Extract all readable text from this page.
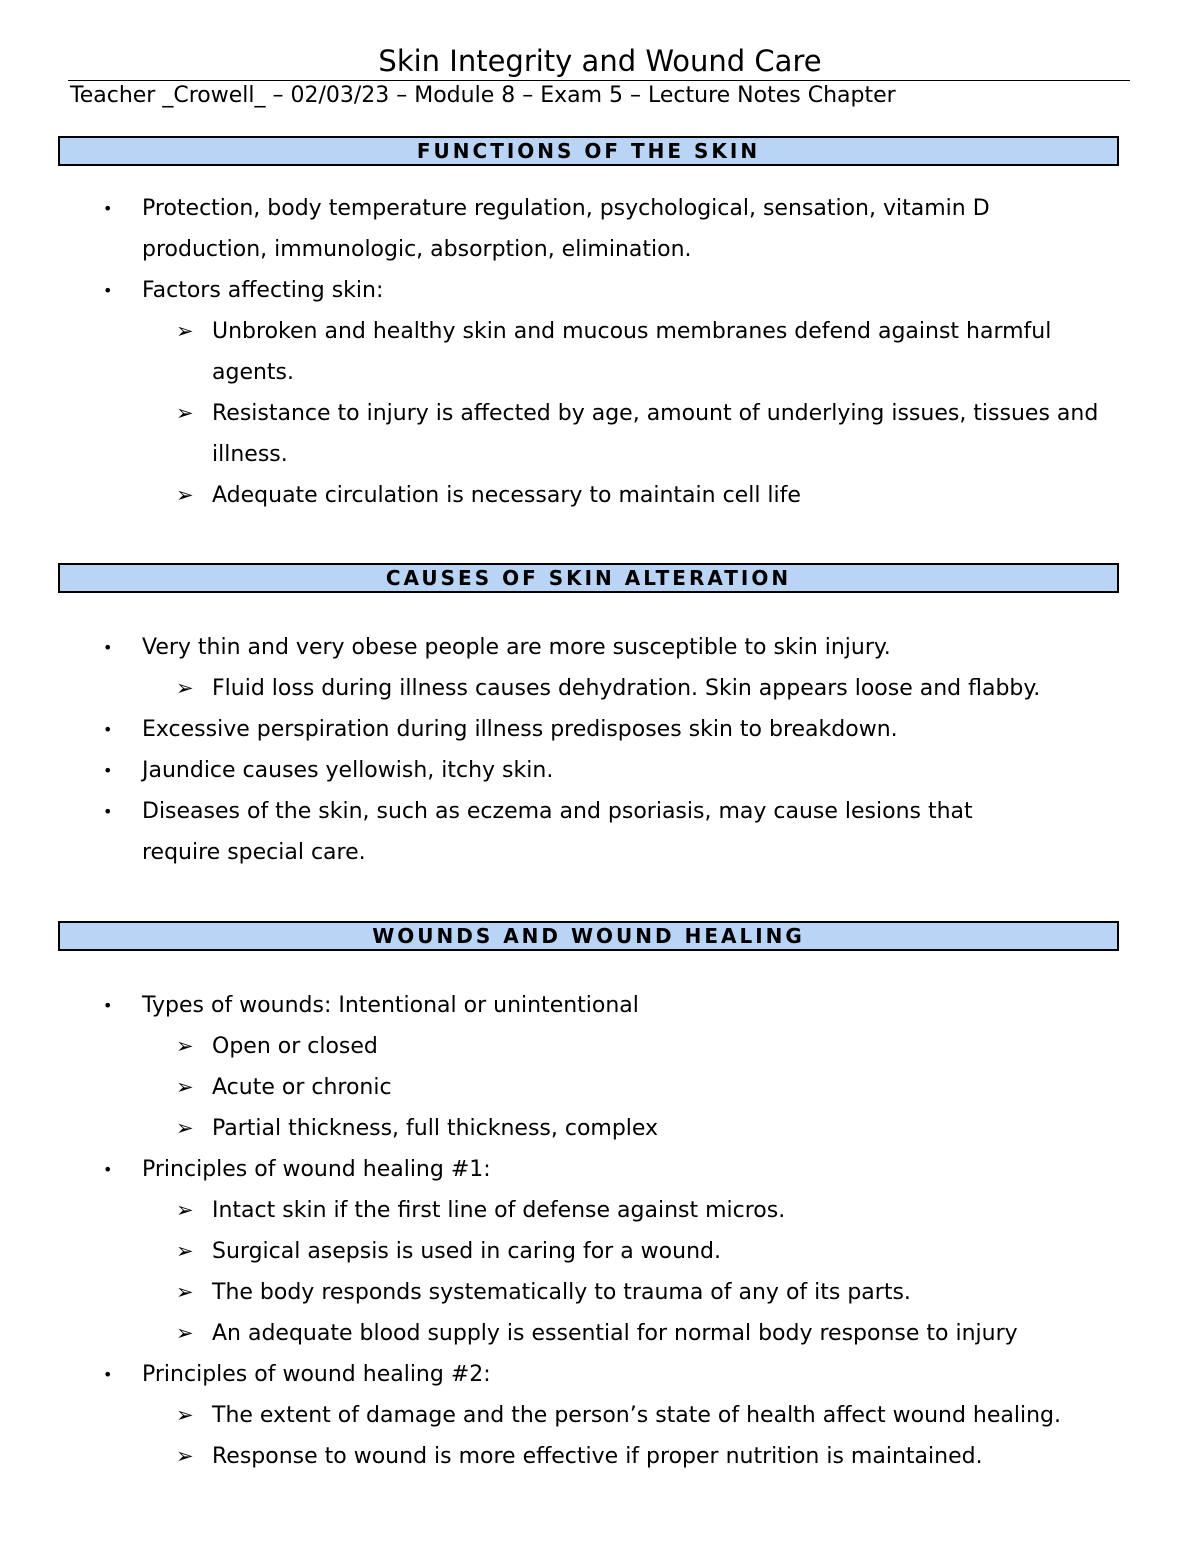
Skin Integrity and Wound Care
Teacher _Crowell_ – 02/03/23 – Module 8 – Exam 5 – Lecture Notes Chapter
FUNCTIONS OF THE SKIN
• Protection, body temperature regulation, psychological, sensation, vitamin D production, immunologic, absorption, elimination.
• Factors affecting skin:
➢ Unbroken and healthy skin and mucous membranes defend against harmful agents.
➢ Resistance to injury is affected by age, amount of underlying issues, tissues and illness.
➢ Adequate circulation is necessary to maintain cell life
CAUSES OF SKIN ALTERATION
• Very thin and very obese people are more susceptible to skin injury.
➢ Fluid loss during illness causes dehydration. Skin appears loose and flabby.
• Excessive perspiration during illness predisposes skin to breakdown.
• Jaundice causes yellowish, itchy skin.
• Diseases of the skin, such as eczema and psoriasis, may cause lesions that require special care.
WOUNDS AND WOUND HEALING
• Types of wounds: Intentional or unintentional
➢ Open or closed
➢ Acute or chronic
➢ Partial thickness, full thickness, complex
• Principles of wound healing #1:
➢ Intact skin if the first line of defense against micros.
➢ Surgical asepsis is used in caring for a wound.
➢ The body responds systematically to trauma of any of its parts.
➢ An adequate blood supply is essential for normal body response to injury
• Principles of wound healing #2:
➢ The extent of damage and the person’s state of health affect wound healing.
➢ Response to wound is more effective if proper nutrition is maintained.
